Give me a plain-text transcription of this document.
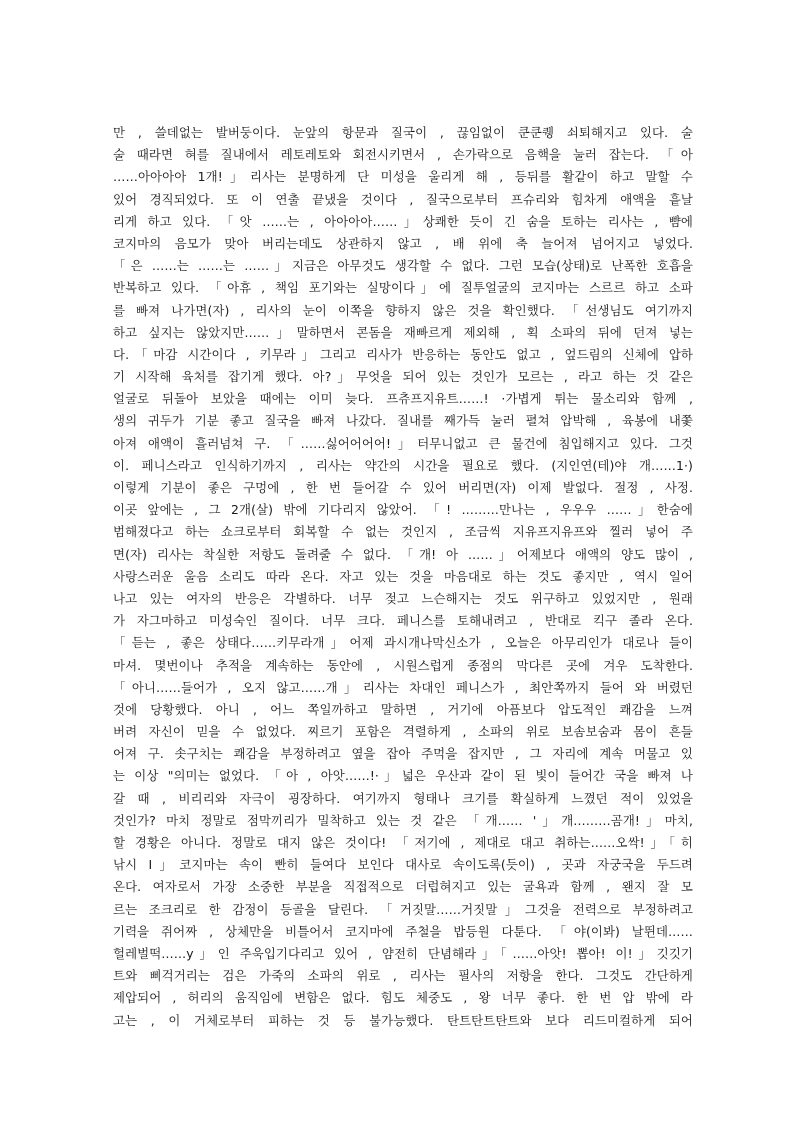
만 , 쓸데없는 발버둥이다. 눈앞의 항문과 질국이 , 끊임없이 쿤쿤퀭 쇠퇴해지고 있다. 술
술 때라면 혀를 질내에서 레토레토와 회전시키면서 , 손가락으로 음핵을 눌러 잡는다. 「아
……아아아아 1개!」리사는 분명하게 단 미성을 울리게 해 , 등뒤를 활같이 하고 말할 수
있어 경직되었다. 또 이 연출 끝냈을 것이다 , 질국으로부터 프슈리와 힘차게 애액을 흩날
리게 하고 있다. 「앗 ……는 , 아아아아……」상쾌한 듯이 긴 숨을 토하는 리사는 , 뺨에
코지마의 음모가 맞아 버리는데도 상관하지 않고 , 배 위에 축 늘어져 넘어지고 넣었다.
「은 ……는 ……는 ……」지금은 아무것도 생각할 수 없다. 그런 모습(상태)로 난폭한 호흡을
반복하고 있다. 「아휴 , 책임 포기와는 실망이다」에 질투얼굴의 코지마는 스르르 하고 소파
를 빠져 나가면(자) , 리사의 눈이 이쪽을 향하지 않은 것을 확인했다. 「선생님도 여기까지
하고 싶지는 않았지만……」말하면서 콘돔을 재빠르게 제외해 , 획 소파의 뒤에 던져 넣는
다.「마감 시간이다 , 키무라」그리고 리사가 반응하는 동안도 없고 , 엎드림의 신체에 압하
기 시작해 육처를 잡기게 했다. 아?」무엇을 되어 있는 것인가 모르는 , 라고 하는 것 같은
얼굴로 뒤돌아 보았을 때에는 이미 늦다. 프츄프지유트……! ·가볍게 튀는 물소리와 함께 ,
생의 귀두가 기분 좋고 질국을 빠져 나갔다. 질내를 째가득 눌러 펼쳐 압박해 , 육봉에 내쫓
아져 애액이 흘러넘쳐 구. 「……싫어어어어!」터무니없고 큰 물건에 침입해지고 있다. 그것
이. 페니스라고 인식하기까지 , 리사는 약간의 시간을 필요로 했다. (지인연(테)야 개……1·)
이렇게 기분이 좋은 구멍에 , 한 번 들어갈 수 있어 버리면(자) 이제 발없다. 절정 , 사정.
이곳 앞에는 , 그 2개(살) 밖에 기다리지 않았어. 「! ………만나는 , 우우우 ……」한숨에
범해졌다고 하는 쇼크로부터 회복할 수 없는 것인지 , 조금씩 지유프지유프와 찔러 넣어 주
면(자) 리사는 착실한 저항도 돌려줄 수 없다. 「개! 아 ……」어제보다 애액의 양도 많이 ,
사랑스러운 울음 소리도 따라 온다. 자고 있는 것을 마음대로 하는 것도 좋지만 , 역시 일어
나고 있는 여자의 반응은 각별하다. 너무 젖고 느슨해지는 것도 위구하고 있었지만 , 원래
가 자그마하고 미성숙인 질이다. 너무 크다. 페니스를 토해내려고 , 반대로 킥구 졸라 온다.
「듣는 , 좋은 상태다……키무라개」어제 과시개나막신소가 , 오늘은 아무리인가 대로나 들이
마셔. 몇번이나 추적을 계속하는 동안에 , 시원스럽게 종점의 막다른 곳에 겨우 도착한다.
「아니……들어가 , 오지 않고……개」리사는 차대인 페니스가 , 최안쪽까지 들어 와 버렸던
것에 당황했다. 아니 , 어느 쪽일까하고 말하면 , 거기에 아픔보다 압도적인 쾌감을 느껴
버려 자신이 믿을 수 없었다. 찌르기 포함은 격렬하게 , 소파의 위로 보솜보숨과 몸이 흔들
어져 구. 솟구치는 쾌감을 부정하려고 옆을 잡아 주먹을 잡지만 , 그 자리에 계속 머물고 있
는 이상 "의미는 없었다. 「아 , 아앗……!·」넓은 우산과 같이 된 빛이 들어간 국을 빠져 나
갈 때 , 비리리와 자극이 굉장하다. 여기까지 형태나 크기를 확실하게 느꼈던 적이 있었을
것인가? 마치 정말로 점막끼리가 밀착하고 있는 것 같은 「개…… '」개………곰개!」마치,
할 경황은 아니다. 정말로 대지 않은 것이다! 「저기에 , 제대로 대고 취하는……오싹!」「히
낚시 I」코지마는 속이 빤히 들여다 보인다 대사로 속이도록(듯이) , 곳과 자궁국을 두드려
온다. 여자로서 가장 소중한 부분을 직접적으로 더럽혀지고 있는 굴욕과 함께 , 왠지 잘 모
르는 조크리로 한 감정이 등골을 달린다. 「거짓말……거짓말」그것을 전력으로 부정하려고
기력을 쥐어짜 , 상체만을 비틀어서 코지마에 주철을 밥등원 다툰다. 「야(이봐) 날뛴데……
헐레벌떡……y」인 주욱입기다리고 있어 , 얌전히 단념해라」「……아앗! 뽑아! 이!」깃깃기
트와 삐걱거리는 검은 가죽의 소파의 위로 , 리사는 필사의 저항을 한다. 그것도 간단하게
제압되어 , 허리의 움직임에 변함은 없다. 힘도 체중도 , 왕 너무 좋다. 한 번 압 밖에 라
고는 , 이 거체로부터 피하는 것 등 불가능했다. 탄트탄트탄트와 보다 리드미컬하게 되어
